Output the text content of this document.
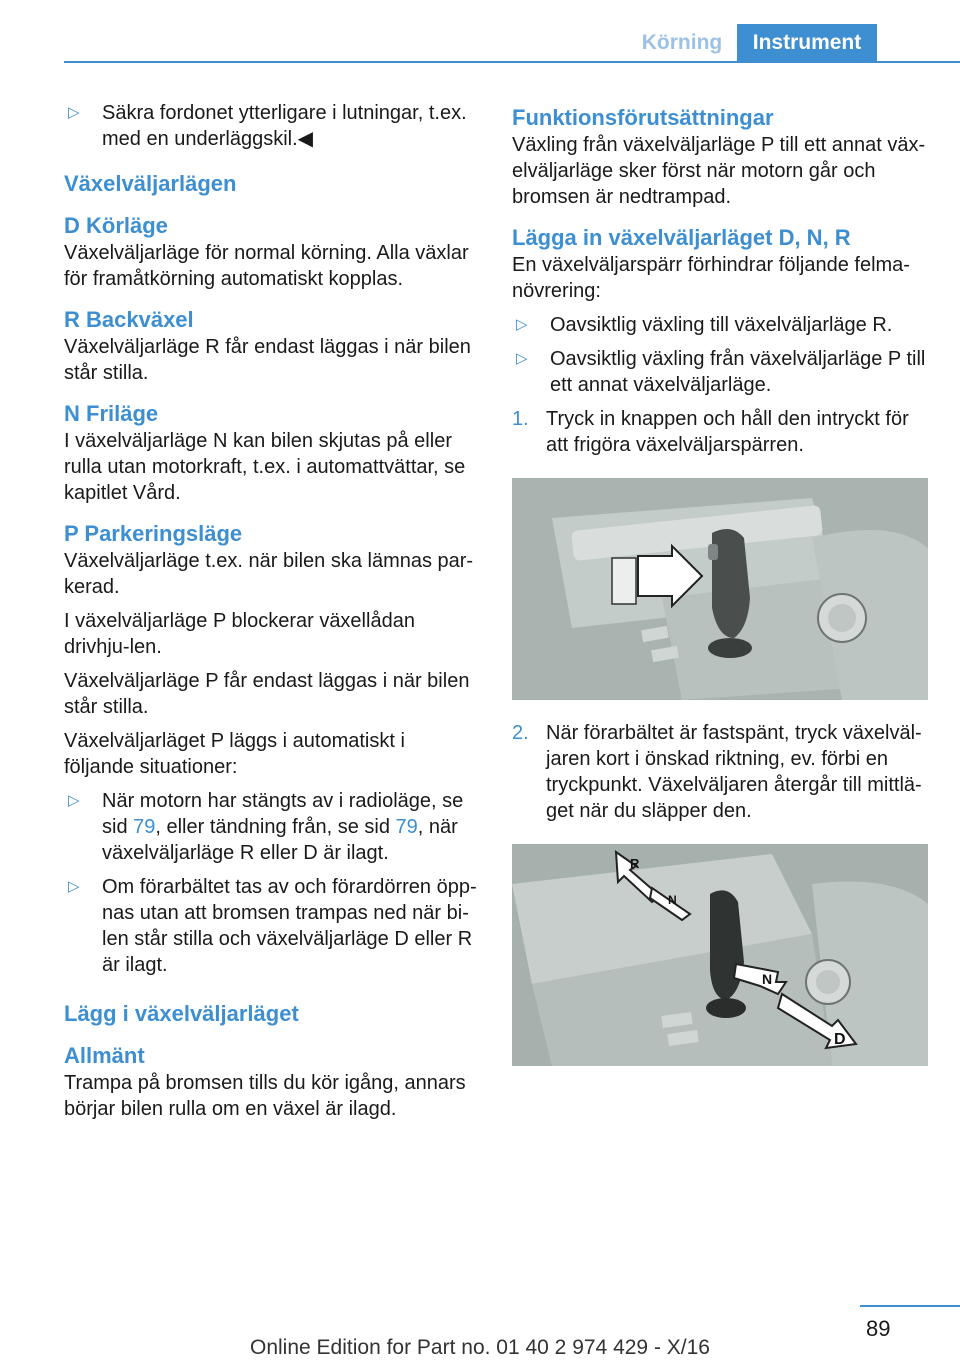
Körning	Instrument
▷	Säkra fordonet ytterligare i lutningar, t.ex. med en underläggskil.◀
Växelväljarlägen
D Körläge

Växelväljarläge för normal körning. Alla växlar för framåtkörning automatiskt kopplas.

R Backväxel

Växelväljarläge R får endast läggas i när bilen står stilla.

N Friläge

I växelväljarläge N kan bilen skjutas på eller rulla utan motorkraft, t.ex. i automattvättar, se kapitlet Vård.

P Parkeringsläge

Växelväljarläge t.ex. när bilen ska lämnas par-kerad.

I växelväljarläge P blockerar växellådan drivhju-len.

Växelväljarläge P får endast läggas i när bilen står stilla.

Växelväljarläget P läggs i automatiskt i följande situationer:

▷	När motorn har stängts av i radioläge, se sid 79, eller tändning från, se sid 79, när växelväljarläge R eller D är ilagt.
▷	Om förarbältet tas av och förardörren öpp-nas utan att bromsen trampas ned när bi-len står stilla och växelväljarläge D eller R är ilagt.
Lägg i växelväljarläget
Allmänt

Trampa på bromsen tills du kör igång, annars börjar bilen rulla om en växel är ilagd.

Funktionsförutsättningar

Växling från växelväljarläge P till ett annat väx-elväljarläge sker först när motorn går och bromsen är nedtrampad.

Lägga in växelväljarläget D, N, R

En växelväljarspärr förhindrar följande felma-növrering:

▷	Oavsiktlig växling till växelväljarläge R.
▷	Oavsiktlig växling från växelväljarläge P till ett annat växelväljarläge.
1. Tryck in knappen och håll den intryckt för att frigöra växelväljarspärren.
2. När förarbältet är fastspänt, tryck växelväl-jaren kort i önskad riktning, ev. förbi en tryckpunkt. Växelväljaren återgår till mittlä-get när du släpper den.
R
N
N
D
89
Online Edition for Part no. 01 40 2 974 429 - X/16
